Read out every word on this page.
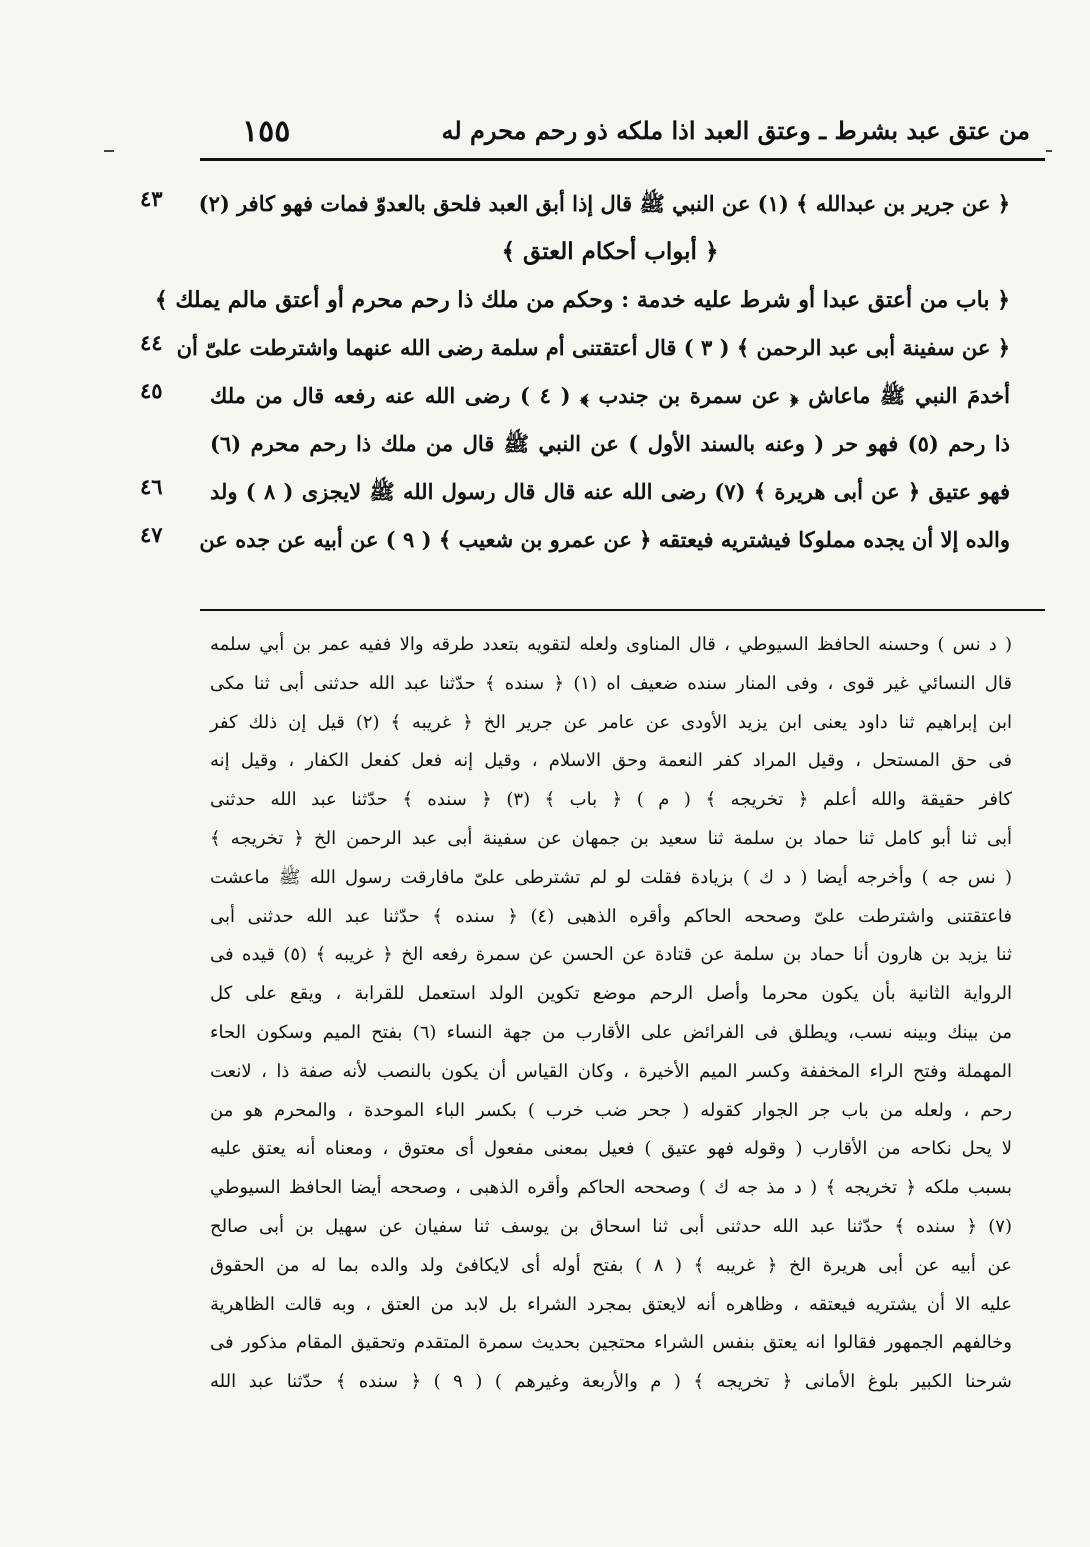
١٥٥	من عتق عبد بشرط ـ وعتق العبد اذا ملكه ذو رحم محرم له
﴿ عن جرير بن عبدالله ﴾ (١) عن النبي ﷺ قال إذا أبق العبد فلحق بالعدوّ فمات فهو كافر (٢)
﴿ أبواب أحكام العتق ﴾
﴿ باب من أعتق عبدا أو شرط عليه خدمة : وحكم من ملك ذا رحم محرم أو أعتق مالم يملك ﴾
﴿ عن سفينة أبى عبد الرحمن ﴾ ( ٣ ) قال أعتقتنى أم سلمة رضى الله عنهما واشترطت علىّ أن
أخدمَ النبي ﷺ ماعاش ﴿ عن سمرة بن جندب ﴾ ( ٤ ) رضى الله عنه رفعه قال من ملك
ذا رحم (٥) فهو حر ( وعنه بالسند الأول ) عن النبي ﷺ قال من ملك ذا رحم محرم (٦)
فهو عتيق ﴿ عن أبى هريرة ﴾ (٧) رضى الله عنه قال قال رسول الله ﷺ لايجزى ( ٨ ) ولد
والده إلا أن يجده مملوكا فيشتريه فيعتقه ﴿ عن عمرو بن شعيب ﴾ ( ٩ ) عن أبيه عن جده عن
٤٣
٤٤
٤٥
٤٦
٤٧
( د نس ) وحسنه الحافظ السيوطي ، قال المناوى ولعله لتقويه بتعدد طرقه والا ففيه عمر بن أبي سلمه
قال النسائي غير قوى ، وفى المنار سنده ضعيف اه (١) ﴿ سنده ﴾ حدّثنا عبد الله حدثنى أبى ثنا مكى
ابن إبراهيم ثنا داود يعنى ابن يزيد الأودى عن عامر عن جرير الخ ﴿ غريبه ﴾ (٢) قيل إن ذلك كفر
فى حق المستحل ، وقيل المراد كفر النعمة وحق الاسلام ، وقيل إنه فعل كفعل الكفار ، وقيل إنه
كافر حقيقة والله أعلم ﴿ تخريجه ﴾ ( م ) ﴿ باب ﴾ (٣) ﴿ سنده ﴾ حدّثنا عبد الله حدثنى
أبى ثنا أبو كامل ثنا حماد بن سلمة ثنا سعيد بن جمهان عن سفينة أبى عبد الرحمن الخ ﴿ تخريجه ﴾
( نس جه ) وأخرجه أيضا ( د ك ) بزيادة فقلت لو لم تشترطى علىّ مافارقت رسول الله ﷺ ماعشت
فاعتقتنى واشترطت علىّ وصححه الحاكم وأقره الذهبى (٤) ﴿ سنده ﴾ حدّثنا عبد الله حدثنى أبى
ثنا يزيد بن هارون أنا حماد بن سلمة عن قتادة عن الحسن عن سمرة رفعه الخ ﴿ غريبه ﴾ (٥) قيده فى
الرواية الثانية بأن يكون محرما وأصل الرحم موضع تكوين الولد استعمل للقرابة ، ويقع على كل
من بينك وبينه نسب، ويطلق فى الفرائض على الأقارب من جهة النساء (٦) بفتح الميم وسكون الحاء
المهملة وفتح الراء المخففة وكسر الميم الأخيرة ، وكان القياس أن يكون بالنصب لأنه صفة ذا ، لانعت
رحم ، ولعله من باب جر الجوار كقوله ( جحر ضب خرب ) بكسر الباء الموحدة ، والمحرم هو من
لا يحل نكاحه من الأقارب ( وقوله فهو عتيق ) فعيل بمعنى مفعول أى معتوق ، ومعناه أنه يعتق عليه
بسبب ملكه ﴿ تخريجه ﴾ ( د مذ جه ك ) وصححه الحاكم وأقره الذهبى ، وصححه أيضا الحافظ السيوطي
(٧) ﴿ سنده ﴾ حدّثنا عبد الله حدثنى أبى ثنا اسحاق بن يوسف ثنا سفيان عن سهيل بن أبى صالح
عن أبيه عن أبى هريرة الخ ﴿ غريبه ﴾ ( ٨ ) بفتح أوله أى لايكافئ ولد والده بما له من الحقوق
عليه الا أن يشتريه فيعتقه ، وظاهره أنه لايعتق بمجرد الشراء بل لابد من العتق ، وبه قالت الظاهرية
وخالفهم الجمهور فقالوا انه يعتق بنفس الشراء محتجين بحديث سمرة المتقدم وتحقيق المقام مذكور فى
شرحنا الكبير بلوغ الأمانى ﴿ تخريجه ﴾ ( م والأربعة وغيرهم ) ( ٩ ) ﴿ سنده ﴾ حدّثنا عبد الله
